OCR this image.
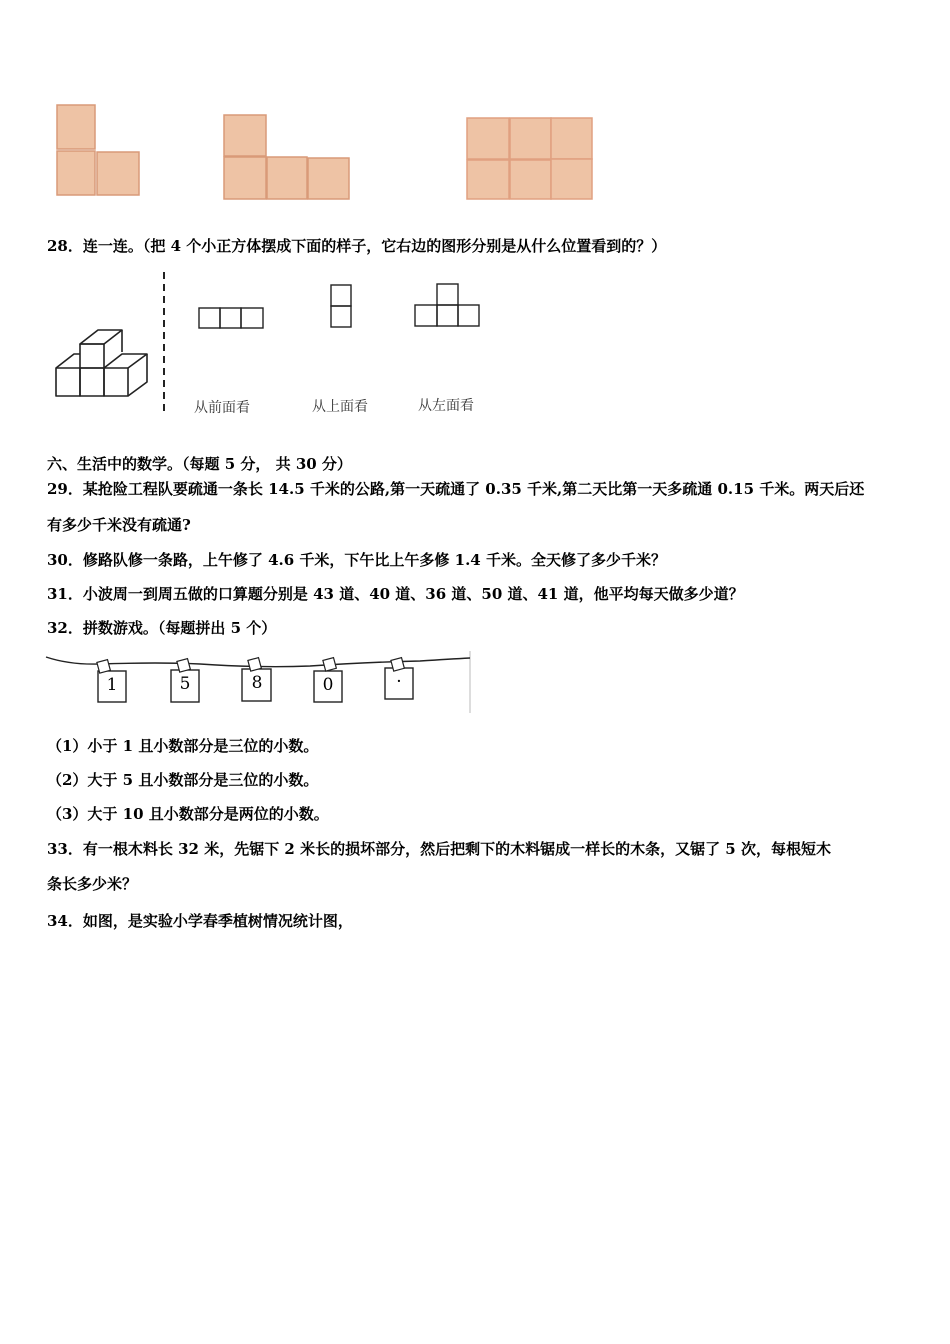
28．连一连。（把 4 个小正方体摆成下面的样子，它右边的图形分别是从什么位置看到的？）
从前面看	从上面看	从左面看
六、生活中的数学。（每题 5 分， 共 30 分）
29．某抢险工程队要疏通一条长 14.5 千米的公路,第一天疏通了 0.35 千米,第二天比第一天多疏通 0.15 千米。两天后还
有多少千米没有疏通?
30．修路队修一条路，上午修了 4.6 千米，下午比上午多修 1.4 千米。全天修了多少千米？
31．小波周一到周五做的口算题分别是 43 道、40 道、36 道、50 道、41 道，他平均每天做多少道？
32．拼数游戏。（每题拼出 5 个）
1	5	8	0	·
（1）小于 1 且小数部分是三位的小数。
（2）大于 5 且小数部分是三位的小数。
（3）大于 10 且小数部分是两位的小数。
33．有一根木料长 32 米，先锯下 2 米长的损坏部分，然后把剩下的木料锯成一样长的木条，又锯了 5 次，每根短木
条长多少米？
34．如图，是实验小学春季植树情况统计图，
